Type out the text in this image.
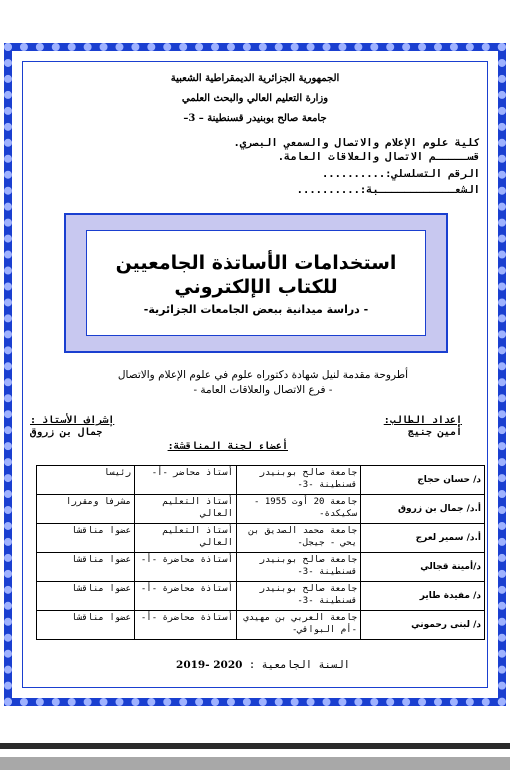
الجمهورية الجزائرية الديمقراطية الشعبية
وزارة التعليم العالي والبحث العلمي
جامعة صالح بوبنيدر قسنطينة – 3–
كلية علوم الإعلام والاتصال والسمعي البصري.
قســـــم الاتصال والعلاقات العامة.
الرقم التسلسلي:..........
الشعــــــــــــبة:..........
استخدامات الأساتذة الجامعيين
للكتاب الإلكتروني
- دراسة ميدانية ببعض الجامعات الجزائرية-
أطروحة مقدمة لنيل شهادة دكتوراه علوم في علوم الإعلام والاتصال
- فرع الاتصال والعلاقات العامة -
إعداد الطالب:
أمين جنيج
إشراف الأستاذ :
جمال بن زروق
أعضاء لجنة المناقشة:
د/ حسان حجاج	جامعة صالح بوبنيدر قسنطينة -3-	أستاذ محاضر -أ-	رئيسا
أ.د/ جمال بن زروق	جامعة 20 أوت 1955 - سكيكدة-	أستاذ التعليم العالي	مشرفا ومقررا
أ.د/ سمير لعرج	جامعة محمد الصديق بن يحي - جيجل-	أستاذ التعليم العالي	عضوا مناقشا
د/أمينة قجالي	جامعة صالح بوبنيدر قسنطينة -3-	أستاذة محاضرة -أ-	عضوا مناقشا
د/ مفيدة طاير	جامعة صالح بوبنيدر قسنطينة -3-	أستاذة محاضرة -أ-	عضوا مناقشا
د/ لبنى رحموني	جامعة العربي بن مهيدي -أم البواقي-	أستاذة محاضرة -أ-	عضوا مناقشا
السنة الجامعية : 2019- 2020
